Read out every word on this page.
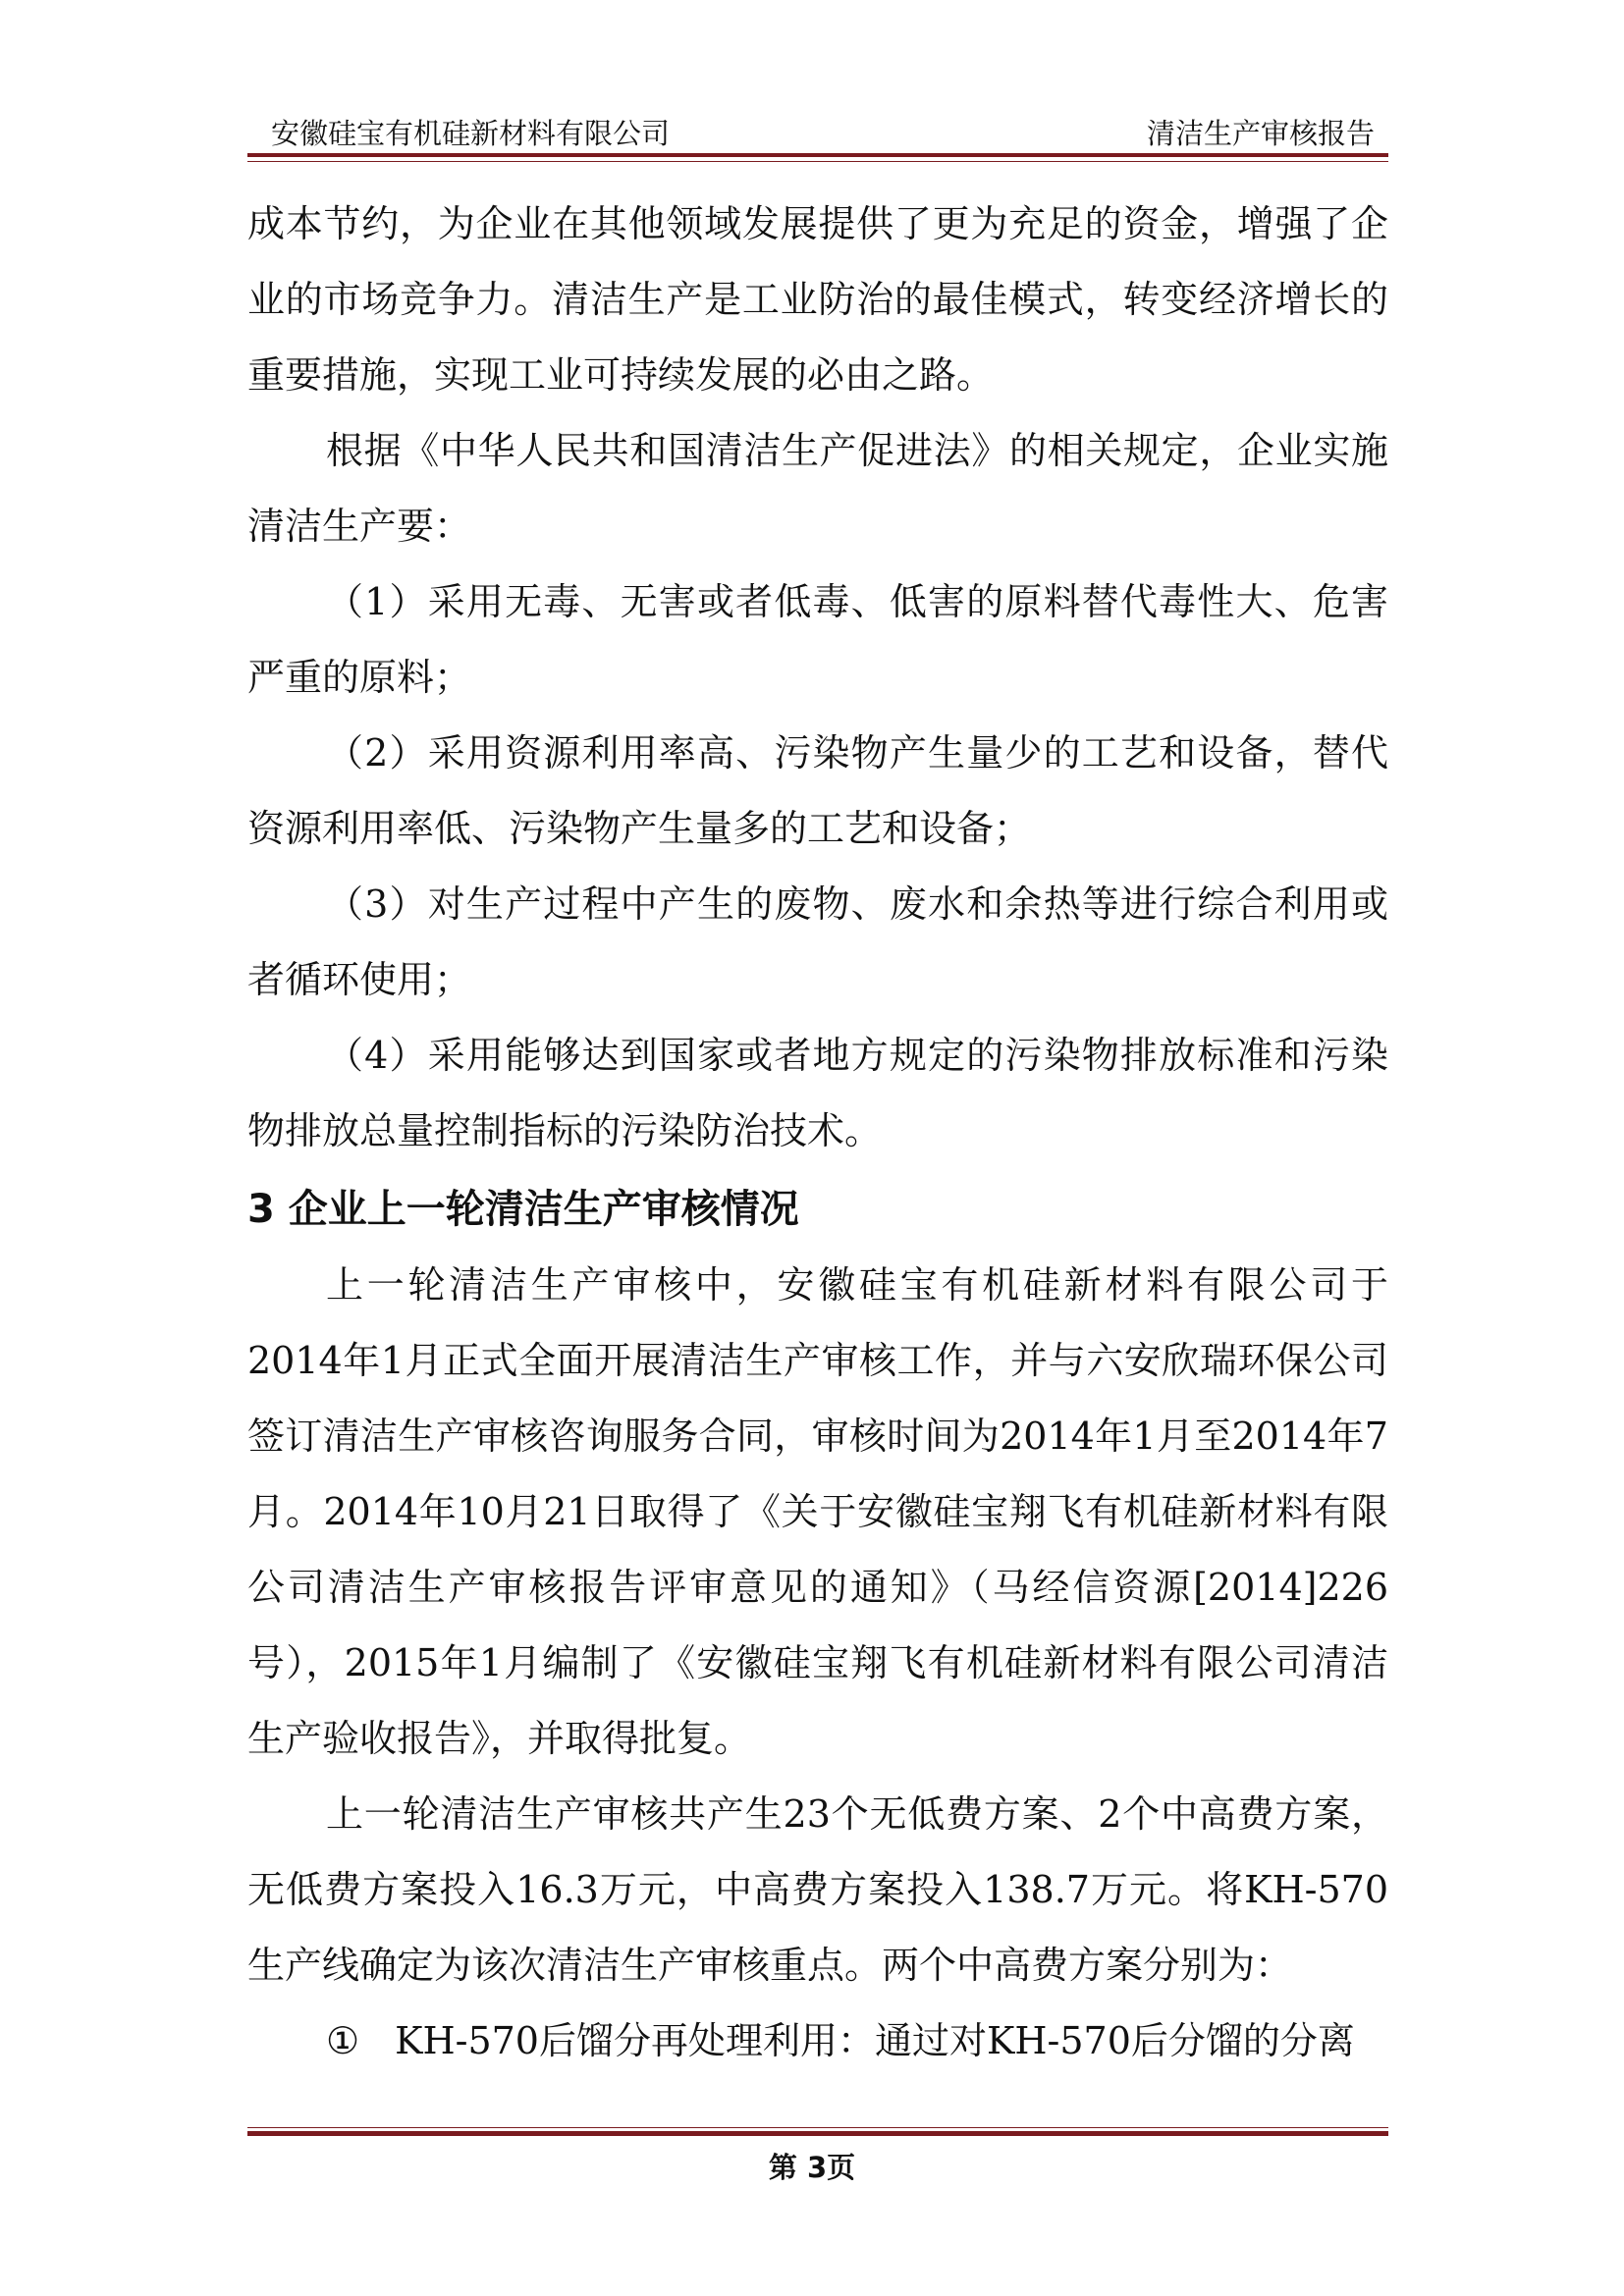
安徽硅宝有机硅新材料有限公司	清洁生产审核报告

成本节约，为企业在其他领域发展提供了更为充足的资金，增强了企业的市场竞争力。清洁生产是工业防治的最佳模式，转变经济增长的重要措施，实现工业可持续发展的必由之路。

根据《中华人民共和国清洁生产促进法》的相关规定，企业实施清洁生产要：

（1）采用无毒、无害或者低毒、低害的原料替代毒性大、危害严重的原料；

（2）采用资源利用率高、污染物产生量少的工艺和设备，替代资源利用率低、污染物产生量多的工艺和设备；

（3）对生产过程中产生的废物、废水和余热等进行综合利用或者循环使用；

（4）采用能够达到国家或者地方规定的污染物排放标准和污染物排放总量控制指标的污染防治技术。

3 企业上一轮清洁生产审核情况

上一轮清洁生产审核中，安徽硅宝有机硅新材料有限公司于2014年1月正式全面开展清洁生产审核工作，并与六安欣瑞环保公司签订清洁生产审核咨询服务合同，审核时间为2014年1月至2014年7月。2014年10月21日取得了《关于安徽硅宝翔飞有机硅新材料有限公司清洁生产审核报告评审意见的通知》（马经信资源[2014]226号），2015年1月编制了《安徽硅宝翔飞有机硅新材料有限公司清洁生产验收报告》，并取得批复。

上一轮清洁生产审核共产生23个无低费方案、2个中高费方案，无低费方案投入16.3万元，中高费方案投入138.7万元。将KH-570生产线确定为该次清洁生产审核重点。两个中高费方案分别为：

① KH-570后馏分再处理利用：通过对KH-570后分馏的分离

第 3页
